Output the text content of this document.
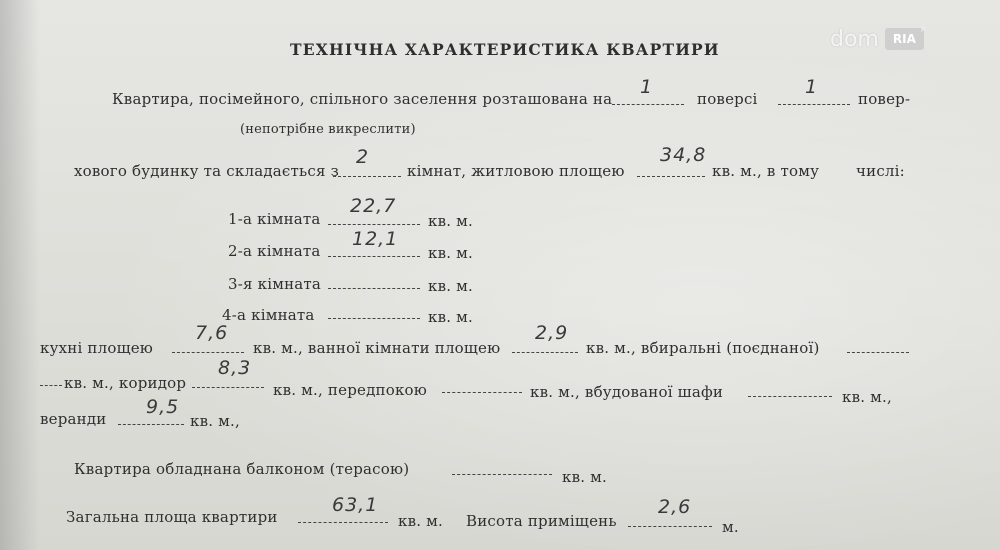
dom	RIA
★
ТЕХНІЧНА ХАРАКТЕРИСТИКА КВАРТИРИ
Квартира, посімейного, спільного заселення розташована на
1
поверсі
1
повер-
(непотрібне викреслити)
хового будинку та складається з
2
кімнат, житловою площею
34,8
кв. м., в тому числі:
1-а кімната
22,7
кв. м.
2-а кімната
12,1
кв. м.
3-я кімната	кв. м.
4-а кімната	кв. м.
кухні площею
7,6
кв. м., ванної кімнати площею
2,9
кв. м., вбиральні (поєднаної)
кв. м., коридор
8,3
кв. м., передпокою	кв. м., вбудованої шафи	кв. м.,
веранди
9,5
кв. м.,
Квартира обладнана балконом (терасою)	кв. м.
Загальна площа квартири
63,1
кв. м. Висота приміщень
2,6
м.
